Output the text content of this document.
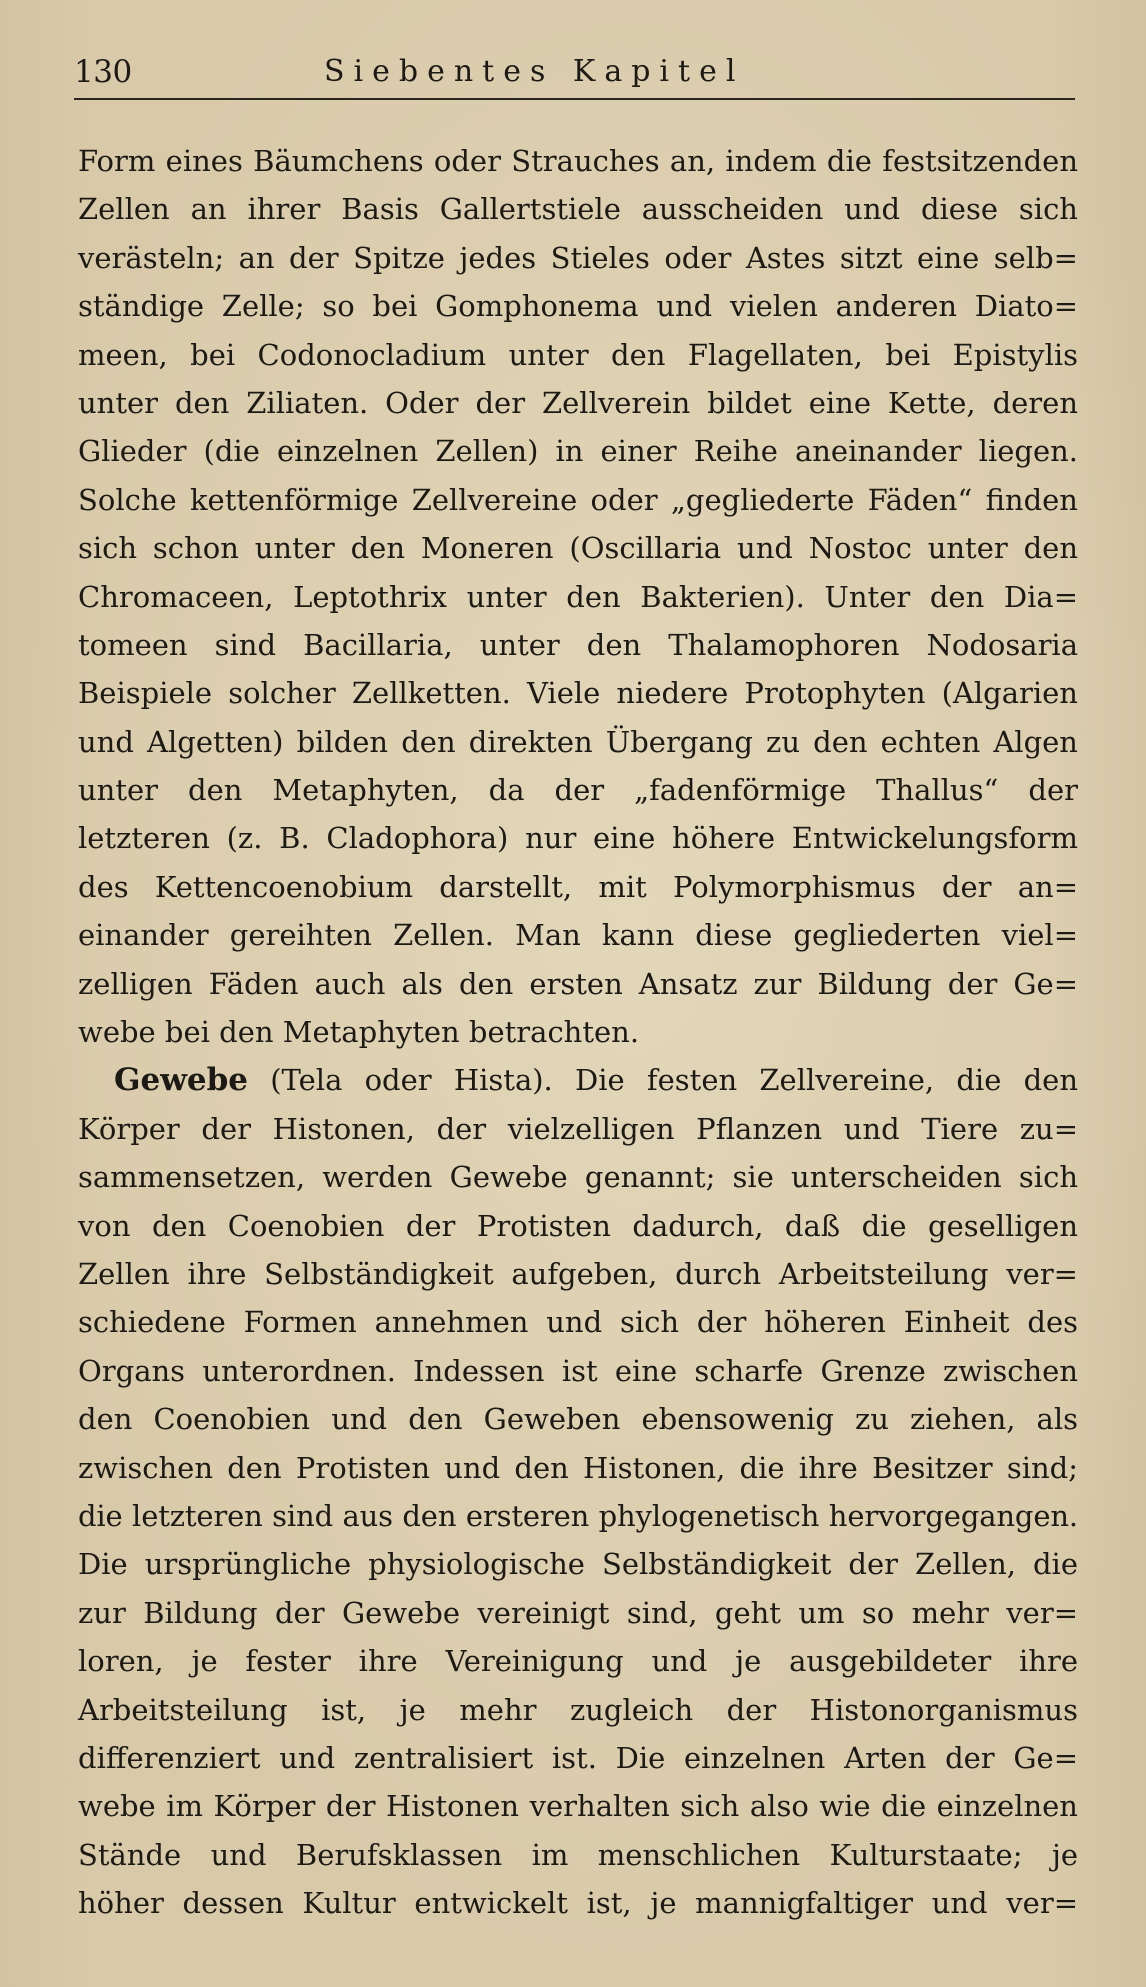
130	Siebentes Kapitel
Form eines Bäumchens oder Strauches an, indem die festsitzenden
Zellen an ihrer Basis Gallertstiele ausscheiden und diese sich
verästeln; an der Spitze jedes Stieles oder Astes sitzt eine selb=
ständige Zelle; so bei Gomphonema und vielen anderen Diato=
meen, bei Codonocladium unter den Flagellaten, bei Epistylis
unter den Ziliaten. Oder der Zellverein bildet eine Kette, deren
Glieder (die einzelnen Zellen) in einer Reihe aneinander liegen.
Solche kettenförmige Zellvereine oder „gegliederte Fäden“ finden
sich schon unter den Moneren (Oscillaria und Nostoc unter den
Chromaceen, Leptothrix unter den Bakterien). Unter den Dia=
tomeen sind Bacillaria, unter den Thalamophoren Nodosaria
Beispiele solcher Zellketten. Viele niedere Protophyten (Algarien
und Algetten) bilden den direkten Übergang zu den echten Algen
unter den Metaphyten, da der „fadenförmige Thallus“ der
letzteren (z. B. Cladophora) nur eine höhere Entwickelungsform
des Kettencoenobium darstellt, mit Polymorphismus der an=
einander gereihten Zellen. Man kann diese gegliederten viel=
zelligen Fäden auch als den ersten Ansatz zur Bildung der Ge=
webe bei den Metaphyten betrachten.
Gewebe (Tela oder Hista). Die festen Zellvereine, die den
Körper der Histonen, der vielzelligen Pflanzen und Tiere zu=
sammensetzen, werden Gewebe genannt; sie unterscheiden sich
von den Coenobien der Protisten dadurch, daß die geselligen
Zellen ihre Selbständigkeit aufgeben, durch Arbeitsteilung ver=
schiedene Formen annehmen und sich der höheren Einheit des
Organs unterordnen. Indessen ist eine scharfe Grenze zwischen
den Coenobien und den Geweben ebensowenig zu ziehen, als
zwischen den Protisten und den Histonen, die ihre Besitzer sind;
die letzteren sind aus den ersteren phylogenetisch hervorgegangen.
Die ursprüngliche physiologische Selbständigkeit der Zellen, die
zur Bildung der Gewebe vereinigt sind, geht um so mehr ver=
loren, je fester ihre Vereinigung und je ausgebildeter ihre
Arbeitsteilung ist, je mehr zugleich der Histonorganismus
differenziert und zentralisiert ist. Die einzelnen Arten der Ge=
webe im Körper der Histonen verhalten sich also wie die einzelnen
Stände und Berufsklassen im menschlichen Kulturstaate; je
höher dessen Kultur entwickelt ist, je mannigfaltiger und ver=
